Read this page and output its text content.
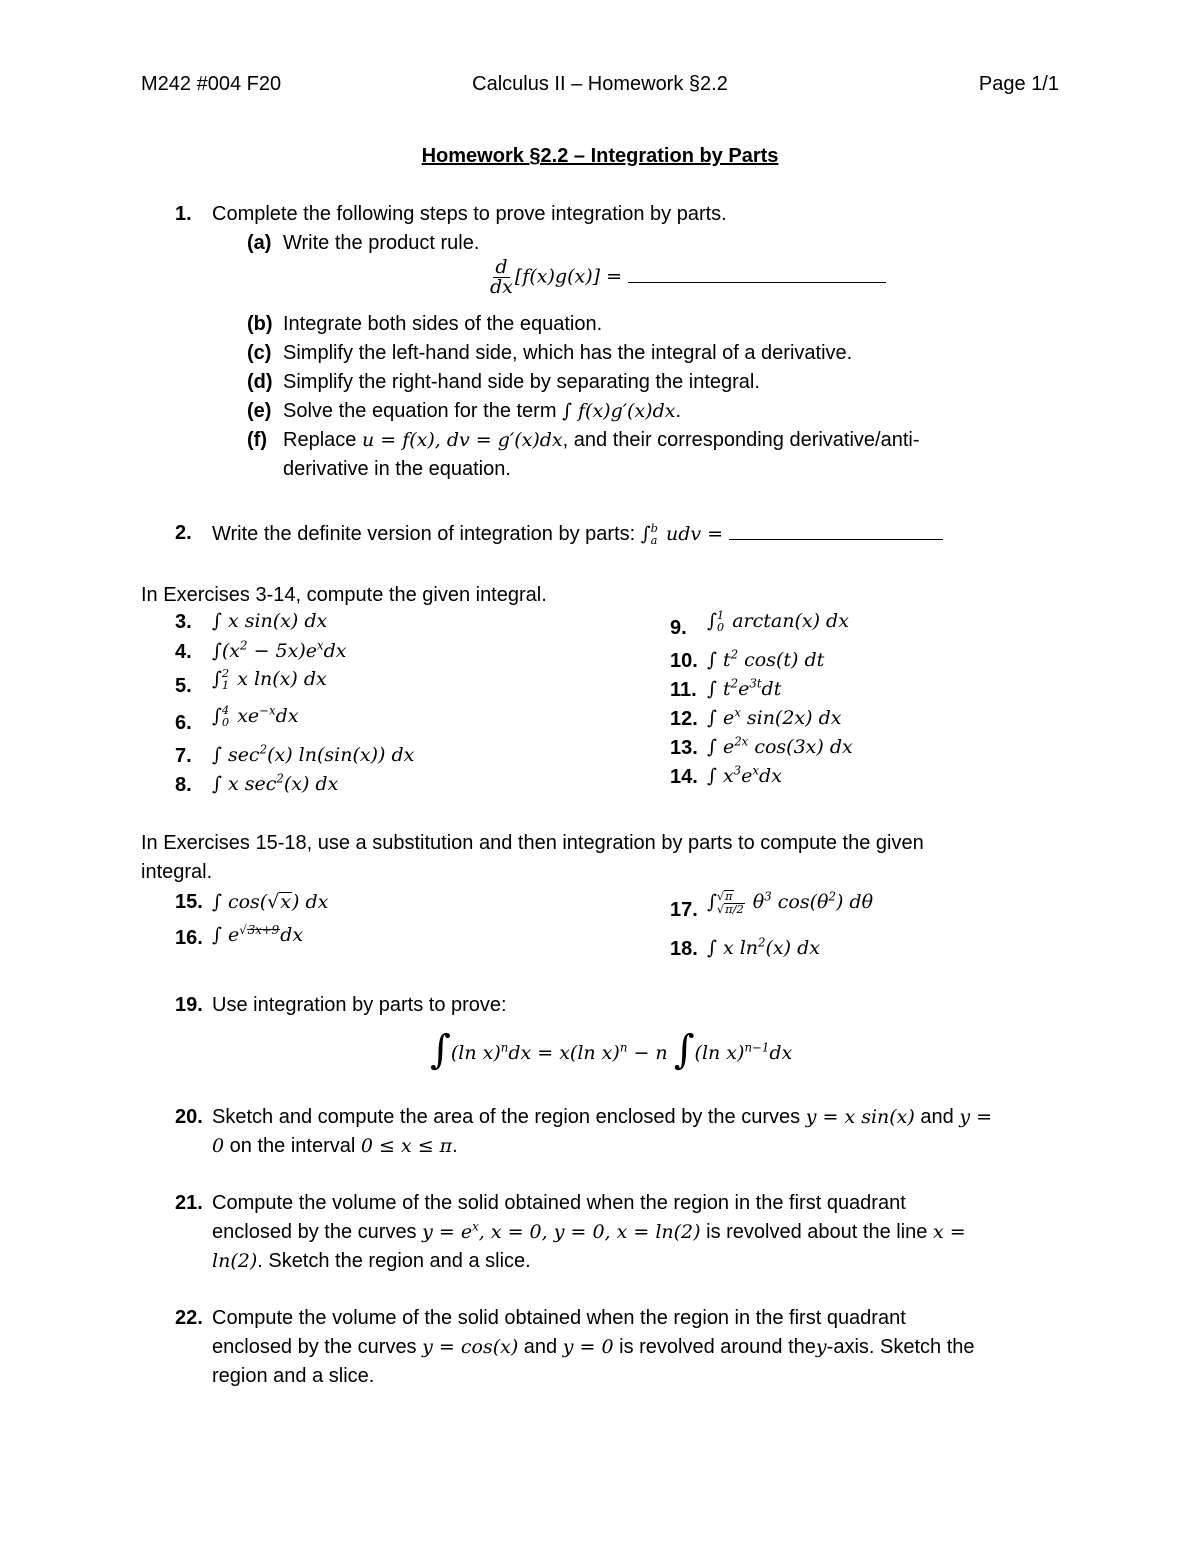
M242 #004 F20	Calculus II – Homework §2.2	Page 1/1
Homework §2.2 – Integration by Parts
1. Complete the following steps to prove integration by parts.
(a) Write the product rule.
$\frac{d}{dx} [f(x)g(x)]$ =
(b) Integrate both sides of the equation.
(c) Simplify the left-hand side, which has the integral of a derivative.
(d) Simplify the right-hand side by separating the integral.
(e) Solve the equation for the term ∫ f(x)g′(x)dx.
(f) Replace u = f(x), dv = g′(x)dx, and their corresponding derivative/anti-
derivative in the equation.
2. Write the definite version of integration by parts: ∫ b
a udv =
In Exercises 3-14, compute the given integral.
3. ∫ x sin(x) dx
4. $\int(x^2 - 5x)e^xdx$
5. ∫ 2
1 x ln(x) dx
6. ∫ 4
0 $xe^{-x}dx$
7. ∫ $\sec^2(x)$ ln(sin(x)) dx
8. ∫ x $\sec^2(x)$ dx
9. ∫ 1
0 arctan(x) dx
10. ∫ $t^2$ cos(t) dt
11. ∫ $t^2e^{3t}dt$
12. ∫ $e^x$ sin(2x) dx
13. ∫ $e^{2x}$ cos(3x) dx
14. ∫ $x^3e^xdx$
In Exercises 15-18, use a substitution and then integration by parts to compute the given
integral.
15. ∫ cos(√x) dx
16. ∫ $e^{√3x+9}dx$
17. ∫ √π
√π/2 $\theta^3$ $\cos(\theta^2)$ dθ
18. ∫ x $\ln^2(x)$ dx
19. Use integration by parts to prove:
∫(ln x)$^n$dx = x(ln x)$^n$ − n ∫(ln x)$^{n-1}$dx
20. Sketch and compute the area of the region enclosed by the curves y = x sin(x) and y =
0 on the interval 0 ≤ x ≤ π.
21. Compute the volume of the solid obtained when the region in the first quadrant
enclosed by the curves $y = e^x$, x = 0, y = 0, x = ln(2) is revolved about the line x =
ln(2). Sketch the region and a slice.
22. Compute the volume of the solid obtained when the region in the first quadrant
enclosed by the curves y = cos(x) and y = 0 is revolved around they-axis. Sketch the
region and a slice.
